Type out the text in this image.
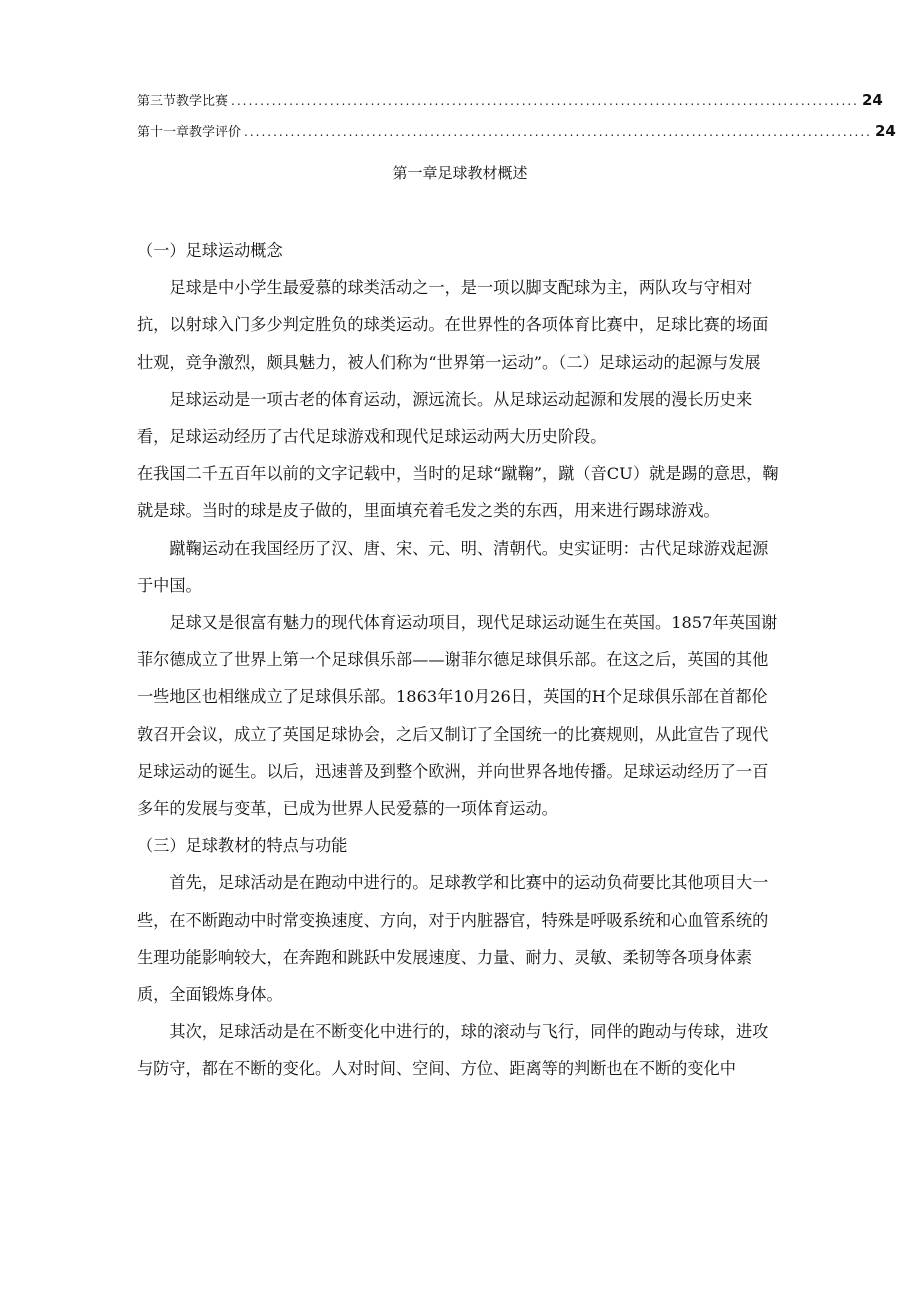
第三节教学比赛 ............................................................................................................ 24
第十一章教学评价 ............................................................................................................ 24
第一章足球教材概述

（一）足球运动概念

足球是中小学生最爱慕的球类活动之一，是一项以脚支配球为主，两队攻与守相对抗，以射球入门多少判定胜负的球类运动。在世界性的各项体育比赛中，足球比赛的场面壮观，竞争激烈，颇具魅力，被人们称为“世界第一运动”。（二）足球运动的起源与发展

足球运动是一项古老的体育运动，源远流长。从足球运动起源和发展的漫长历史来看，足球运动经历了古代足球游戏和现代足球运动两大历史阶段。

在我国二千五百年以前的文字记载中，当时的足球“蹴鞠”，蹴（音CU）就是踢的意思，鞠就是球。当时的球是皮子做的，里面填充着毛发之类的东西，用来进行踢球游戏。

蹴鞠运动在我国经历了汉、唐、宋、元、明、清朝代。史实证明：古代足球游戏起源于中国。

足球又是很富有魅力的现代体育运动项目，现代足球运动诞生在英国。1857年英国谢菲尔德成立了世界上第一个足球俱乐部——谢菲尔德足球俱乐部。在这之后，英国的其他一些地区也相继成立了足球俱乐部。1863年10月26日，英国的H个足球俱乐部在首都伦敦召开会议，成立了英国足球协会，之后又制订了全国统一的比赛规则，从此宣告了现代足球运动的诞生。以后，迅速普及到整个欧洲，并向世界各地传播。足球运动经历了一百多年的发展与变革，已成为世界人民爱慕的一项体育运动。

（三）足球教材的特点与功能

首先，足球活动是在跑动中进行的。足球教学和比赛中的运动负荷要比其他项目大一些，在不断跑动中时常变换速度、方向，对于内脏器官，特殊是呼吸系统和心血管系统的生理功能影响较大，在奔跑和跳跃中发展速度、力量、耐力、灵敏、柔韧等各项身体素质，全面锻炼身体。

其次，足球活动是在不断变化中进行的，球的滚动与飞行，同伴的跑动与传球，进攻与防守，都在不断的变化。人对时间、空间、方位、距离等的判断也在不断的变化中
